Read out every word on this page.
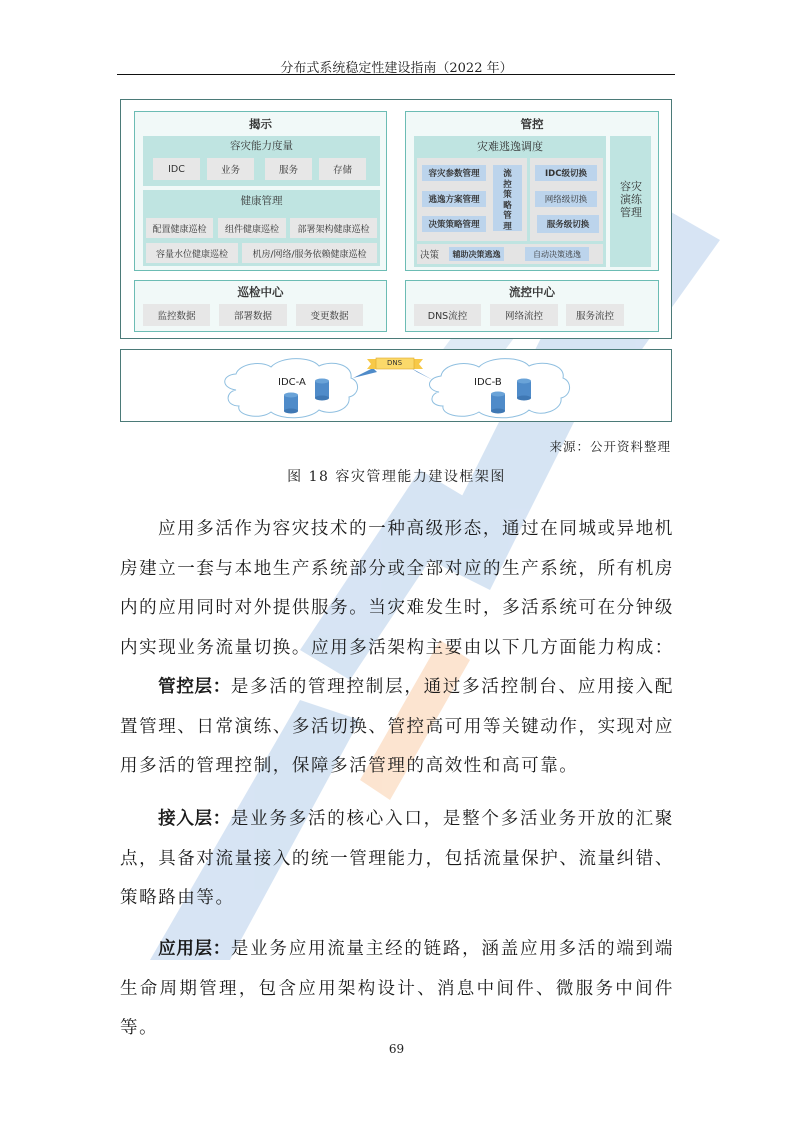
分布式系统稳定性建设指南（2022 年）
揭示
容灾能力度量
IDC	业务	服务	存储
健康管理
配置健康巡检	组件健康巡检	部署架构健康巡检
容量水位健康巡检	机房/网络/服务依赖健康巡检
管控
灾难逃逸调度
容灾参数管理
逃逸方案管理
决策策略管理
流控策略管理
IDC级切换
网络级切换
服务级切换
决策	辅助决策逃逸	自动决策逃逸
容灾演练管理
巡检中心
监控数据	部署数据	变更数据
流控中心
DNS流控	网络流控	服务流控
DNS
IDC-A	IDC-B
来源：公开资料整理
图 18 容灾管理能力建设框架图
应用多活作为容灾技术的一种高级形态，通过在同城或异地机房建立一套与本地生产系统部分或全部对应的生产系统，所有机房内的应用同时对外提供服务。当灾难发生时，多活系统可在分钟级内实现业务流量切换。应用多活架构主要由以下几方面能力构成：
管控层：是多活的管理控制层，通过多活控制台、应用接入配置管理、日常演练、多活切换、管控高可用等关键动作，实现对应用多活的管理控制，保障多活管理的高效性和高可靠。
接入层：是业务多活的核心入口，是整个多活业务开放的汇聚点，具备对流量接入的统一管理能力，包括流量保护、流量纠错、策略路由等。
应用层：是业务应用流量主经的链路，涵盖应用多活的端到端生命周期管理，包含应用架构设计、消息中间件、微服务中间件等。
69
